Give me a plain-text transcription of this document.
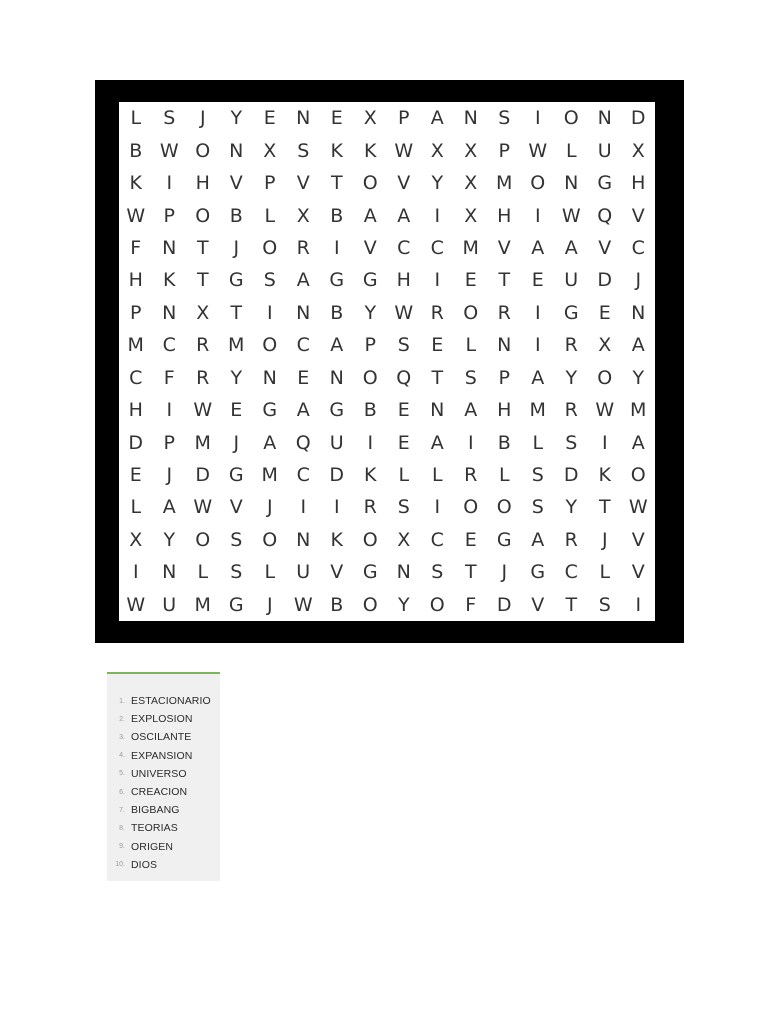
L	S	J	Y	E	N	E	X	P	A	N	S	I	O N	D
B W O N	X	S	K	K W X	X	P W L	U	X
K	I	H	V	P	V	T	O	V	Y	X M O N	G H
W P	O	B	L	X	B	A	A	I	X	H	I	W Q	V
F	N	T	J	O	R	I	V	C	C M V	A	A	V	C
H	K	T	G	S	A	G G H	I	E	T	E	U	D	J
P	N	X	T	I	N	B	Y W R	O	R	I	G	E	N
M C	R M O	C	A	P	S	E	L	N	I	R	X	A
C	F	R	Y	N	E	N O Q	T	S	P	A	Y	O	Y
H	I	W E	G	A	G	B	E	N	A	H M R W M
D	P	M	J	A	Q	U	I	E	A	I	B	L	S	I	A
E	J	D G M C	D	K	L	L	R	L	S	D	K	O
L	A W V	J	I	I	R	S	I	O O	S	Y	T W
X	Y	O	S	O N	K	O	X	C	E	G	A	R	J	V
I	N	L	S	L	U	V	G	N	S	T	J	G	C	L	V
W U M G	J	W B	O	Y	O	F	D	V	T	S	I
1. ESTACIONARIO
2. EXPLOSION
3. OSCILANTE
4. EXPANSION
5. UNIVERSO
6. CREACION
7. BIGBANG
8. TEORIAS
9. ORIGEN
10. DIOS
